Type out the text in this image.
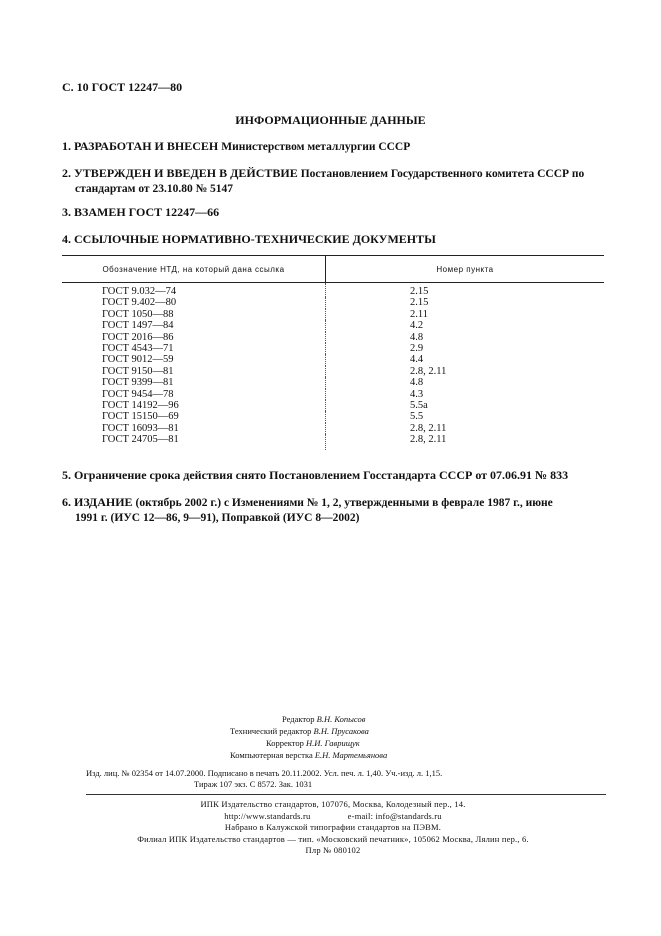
С. 10 ГОСТ 12247—80
ИНФОРМАЦИОННЫЕ ДАННЫЕ
1. РАЗРАБОТАН И ВНЕСЕН Министерством металлургии СССР
2. УТВЕРЖДЕН И ВВЕДЕН В ДЕЙСТВИЕ Постановлением Государственного комитета СССР по
стандартам от 23.10.80 № 5147
3. ВЗАМЕН ГОСТ 12247—66
4. ССЫЛОЧНЫЕ НОРМАТИВНО-ТЕХНИЧЕСКИЕ ДОКУМЕНТЫ
Обозначение НТД, на который дана ссылка	Номер пункта
ГОСТ 9.032—74	2.15
ГОСТ 9.402—80	2.15
ГОСТ 1050—88	2.11
ГОСТ 1497—84	4.2
ГОСТ 2016—86	4.8
ГОСТ 4543—71	2.9
ГОСТ 9012—59	4.4
ГОСТ 9150—81	2.8, 2.11
ГОСТ 9399—81	4.8
ГОСТ 9454—78	4.3
ГОСТ 14192—96	5.5а
ГОСТ 15150—69	5.5
ГОСТ 16093—81	2.8, 2.11
ГОСТ 24705—81	2.8, 2.11
5. Ограничение срока действия снято Постановлением Госстандарта СССР от 07.06.91 № 833
6. ИЗДАНИЕ (октябрь 2002 г.) с Изменениями № 1, 2, утвержденными в феврале 1987 г., июне
1991 г. (ИУС 12—86, 9—91), Поправкой (ИУС 8—2002)
Редактор В.Н. Копысов
Технический редактор В.Н. Прусакова
Корректор Н.И. Гаврищук
Компьютерная верстка Е.Н. Мартемьянова
Изд. лиц. № 02354 от 14.07.2000. Подписано в печать 20.11.2002. Усл. печ. л. 1,40. Уч.-изд. л. 1,15.
Тираж 107 экз. С 8572. Зак. 1031
ИПК Издательство стандартов, 107076, Москва, Колодезный пер., 14.
http://www.standards.ru                e-mail: info@standards.ru
Набрано в Калужской типографии стандартов на ПЭВМ.
Филиал ИПК Издательство стандартов — тип. «Московский печатник», 105062 Москва, Лялин пер., 6.
Плр № 080102
